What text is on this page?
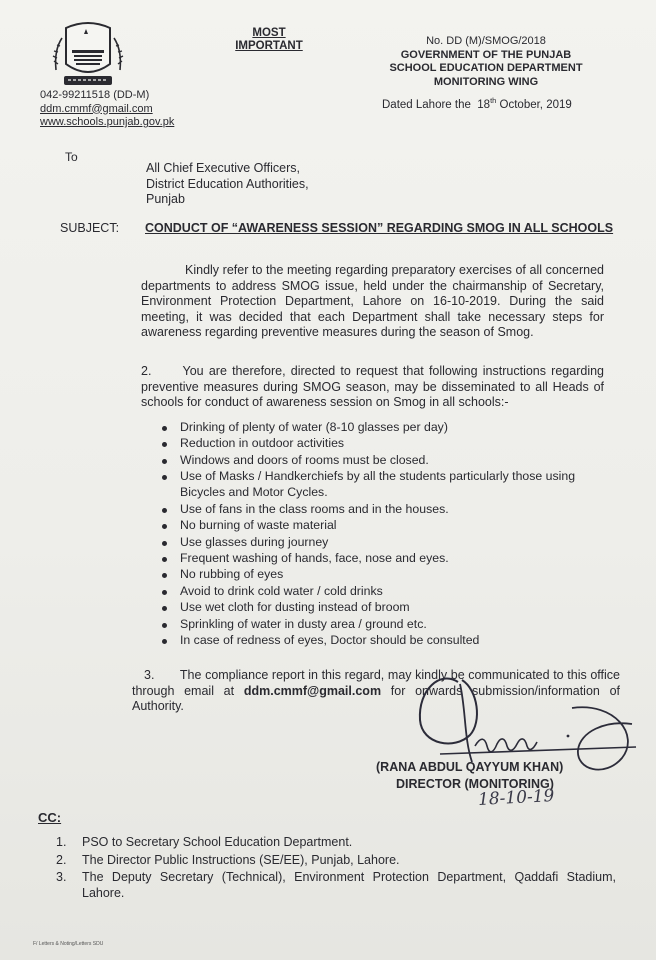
MOST
IMPORTANT	No. DD (M)/SMOG/2018
GOVERNMENT OF THE PUNJAB
SCHOOL EDUCATION DEPARTMENT
MONITORING WING
042-99211518 (DD-M)
ddm.cmmf@gmail.com
www.schools.punjab.gov.pk
Dated Lahore the 18th October, 2019
To
All Chief Executive Officers,
District Education Authorities,
Punjab
SUBJECT: CONDUCT OF “AWARENESS SESSION” REGARDING SMOG IN ALL SCHOOLS
Kindly refer to the meeting regarding preparatory exercises of all concerned departments to address SMOG issue, held under the chairmanship of Secretary, Environment Protection Department, Lahore on 16-10-2019. During the said meeting, it was decided that each Department shall take necessary steps for awareness regarding preventive measures during the season of Smog.
2.      You are therefore, directed to request that following instructions regarding preventive measures during SMOG season, may be disseminated to all Heads of schools for conduct of awareness session on Smog in all schools:-
Drinking of plenty of water (8-10 glasses per day)
Reduction in outdoor activities
Windows and doors of rooms must be closed.
Use of Masks / Handkerchiefs by all the students particularly those using Bicycles and Motor Cycles.
Use of fans in the class rooms and in the houses.
No burning of waste material
Use glasses during journey
Frequent washing of hands, face, nose and eyes.
No rubbing of eyes
Avoid to drink cold water / cold drinks
Use wet cloth for dusting instead of broom
Sprinkling of water in dusty area / ground etc.
In case of redness of eyes, Doctor should be consulted
3. The compliance report in this regard, may kindly be communicated to this office through email at ddm.cmmf@gmail.com for onwards submission/information of Authority.
(RANA ABDUL QAYYUM KHAN)
DIRECTOR (MONITORING)
18-10-19
CC:
1. PSO to Secretary School Education Department.
2. The Director Public Instructions (SE/EE), Punjab, Lahore.
3. The Deputy Secretary (Technical), Environment Protection Department, Qaddafi Stadium, Lahore.
F/ Letters & Noting/Letters SDU
